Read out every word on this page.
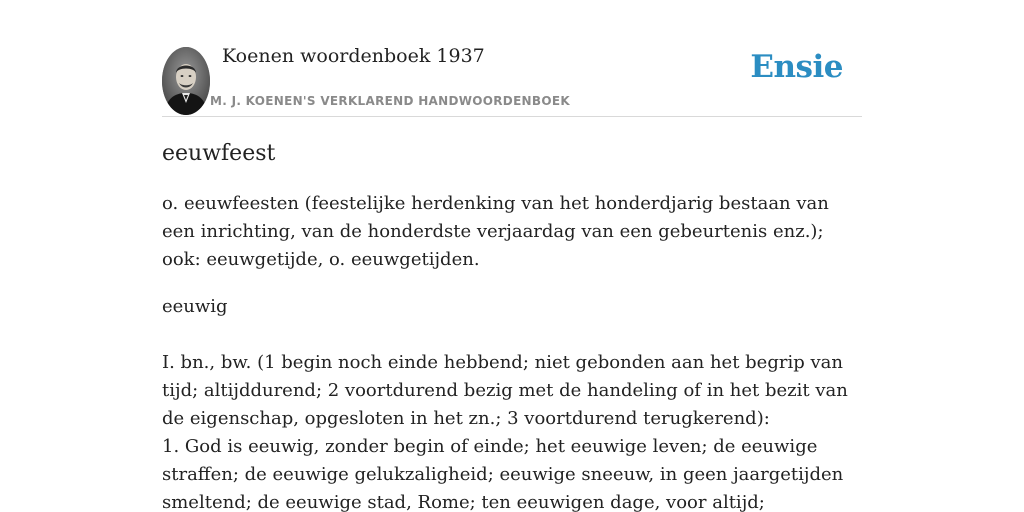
Koenen woordenboek 1937
M. J. KOENEN'S VERKLAREND HANDWOORDENBOEK
Ensie
eeuwfeest

o. eeuwfeesten (feestelijke herdenking van het honderdjarig bestaan van een inrichting, van de honderdste verjaardag van een gebeurtenis enz.); ook: eeuwgetijde, o. eeuwgetijden.

eeuwig

I. bn., bw. (1 begin noch einde hebbend; niet gebonden aan het begrip van tijd; altijddurend; 2 voortdurend bezig met de handeling of in het bezit van de eigenschap, opgesloten in het zn.; 3 voortdurend terugkerend):

1. God is eeuwig, zonder begin of einde; het eeuwige leven; de eeuwige straffen; de eeuwige gelukzaligheid; eeuwige sneeuw, in geen jaargetijden smeltend; de eeuwige stad, Rome; ten eeuwigen dage, voor altijd;
